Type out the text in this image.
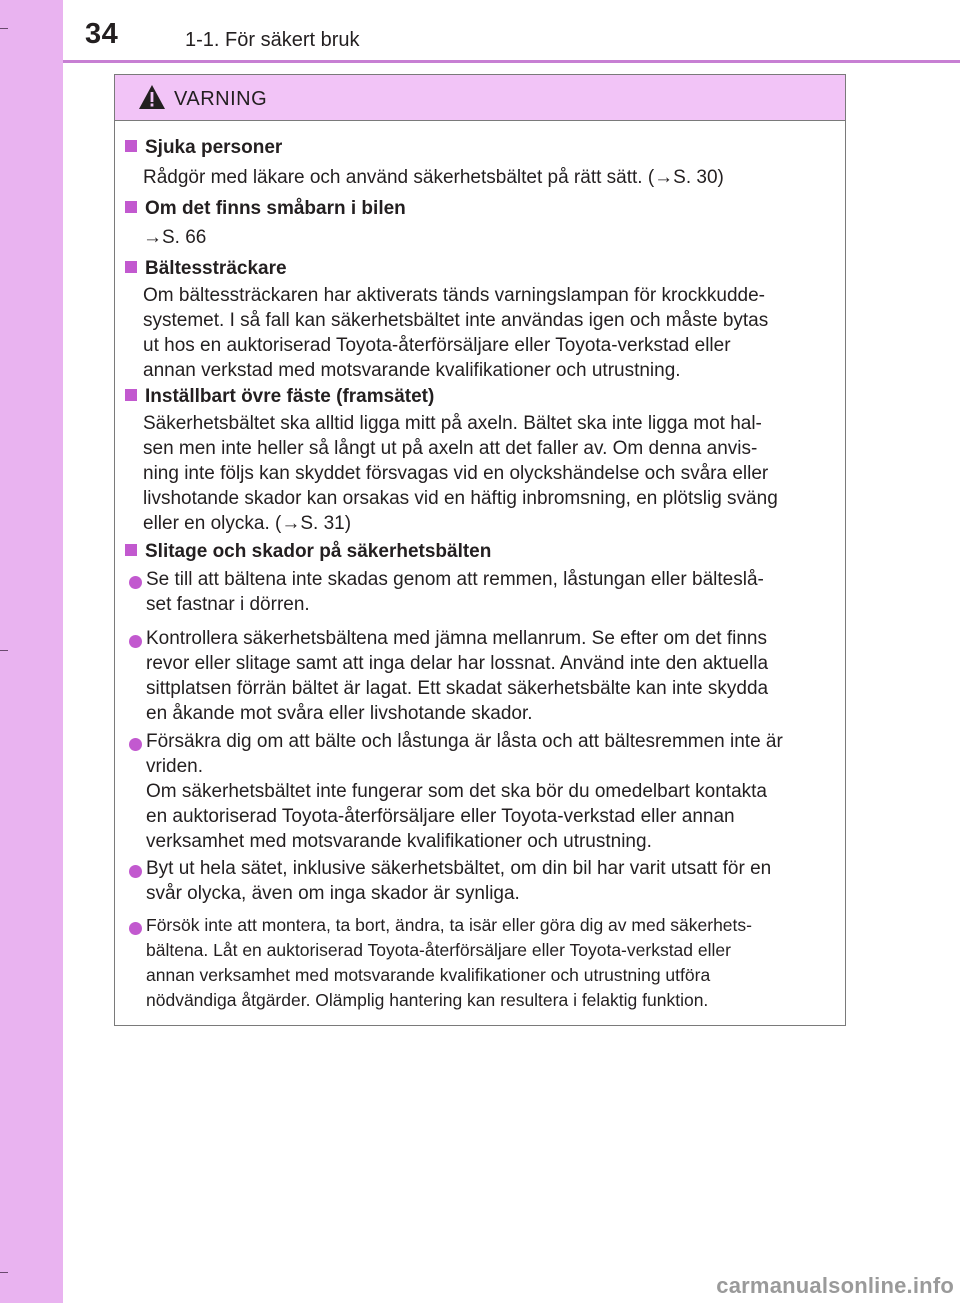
34	1-1. För säkert bruk
VARNING
Sjuka personer
Rådgör med läkare och använd säkerhetsbältet på rätt sätt. (→S. 30)
Om det finns småbarn i bilen
→S. 66
Bältessträckare
Om bältessträckaren har aktiverats tänds varningslampan för krockkudde-
systemet. I så fall kan säkerhetsbältet inte användas igen och måste bytas
ut hos en auktoriserad Toyota-återförsäljare eller Toyota-verkstad eller
annan verkstad med motsvarande kvalifikationer och utrustning.
Inställbart övre fäste (framsätet)
Säkerhetsbältet ska alltid ligga mitt på axeln. Bältet ska inte ligga mot hal-
sen men inte heller så långt ut på axeln att det faller av. Om denna anvis-
ning inte följs kan skyddet försvagas vid en olyckshändelse och svåra eller
livshotande skador kan orsakas vid en häftig inbromsning, en plötslig sväng
eller en olycka. (→S. 31)
Slitage och skador på säkerhetsbälten
Se till att bältena inte skadas genom att remmen, låstungan eller bälteslå-
set fastnar i dörren.
Kontrollera säkerhetsbältena med jämna mellanrum. Se efter om det finns
revor eller slitage samt att inga delar har lossnat. Använd inte den aktuella
sittplatsen förrän bältet är lagat. Ett skadat säkerhetsbälte kan inte skydda
en åkande mot svåra eller livshotande skador.
Försäkra dig om att bälte och låstunga är låsta och att bältesremmen inte är
vriden.
Om säkerhetsbältet inte fungerar som det ska bör du omedelbart kontakta
en auktoriserad Toyota-återförsäljare eller Toyota-verkstad eller annan
verksamhet med motsvarande kvalifikationer och utrustning.
Byt ut hela sätet, inklusive säkerhetsbältet, om din bil har varit utsatt för en
svår olycka, även om inga skador är synliga.
Försök inte att montera, ta bort, ändra, ta isär eller göra dig av med säkerhets-
bältena. Låt en auktoriserad Toyota-återförsäljare eller Toyota-verkstad eller
annan verksamhet med motsvarande kvalifikationer och utrustning utföra
nödvändiga åtgärder. Olämplig hantering kan resultera i felaktig funktion.
carmanualsonline.info
